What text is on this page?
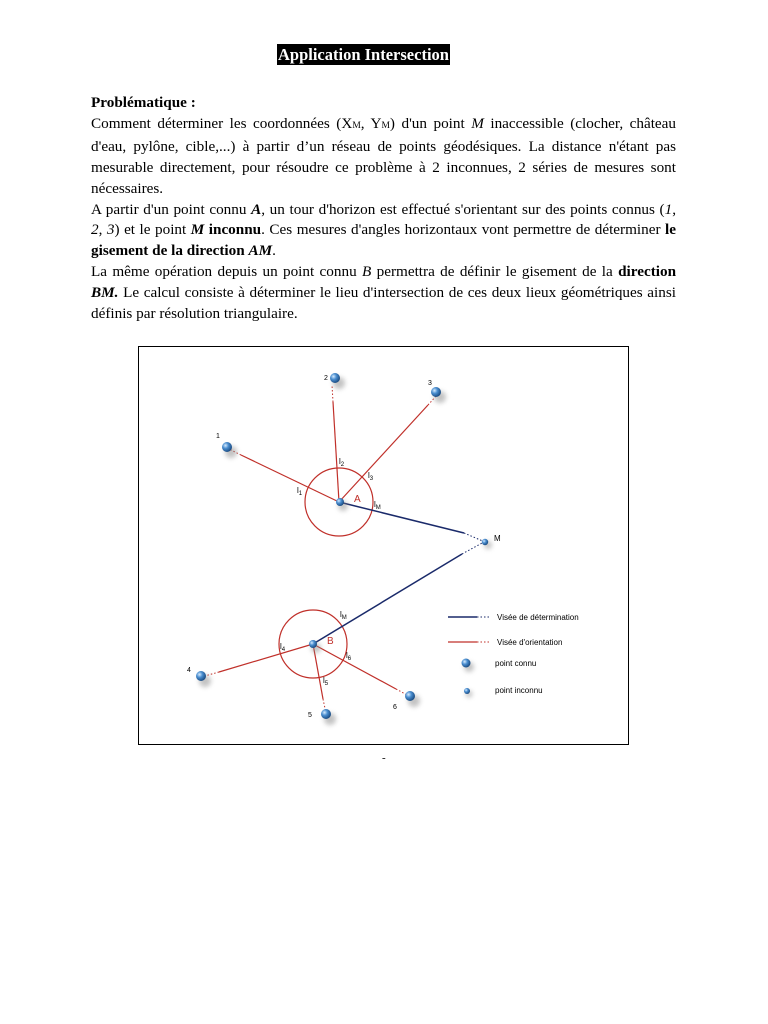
Application Intersection

Problématique :

Comment déterminer les coordonnées (XM, YM) d'un point M inaccessible (clocher, château d'eau, pylône, cible,...) à partir d’un réseau de points géodésiques. La distance n'étant pas mesurable directement, pour résoudre ce problème à 2 inconnues, 2 séries de mesures sont nécessaires.

A partir d'un point connu A, un tour d'horizon est effectué s'orientant sur des points connus (1, 2, 3) et le point M inconnu. Ces mesures d'angles horizontaux vont permettre de déterminer le gisement de la direction AM.

La même opération depuis un point connu B permettra de définir le gisement de la direction BM. Le calcul consiste à déterminer le lieu d'intersection de ces deux lieux géométriques ainsi définis par résolution triangulaire.

1
2
3
4
5
6
A
B
M
$l_1$
$l_2$
$l_3$
$l_M$
$l_M$
$l_4$
$l_5$
$l_6$
Visée de détermination
Visée d'orientation
point connu
point inconnu
-
